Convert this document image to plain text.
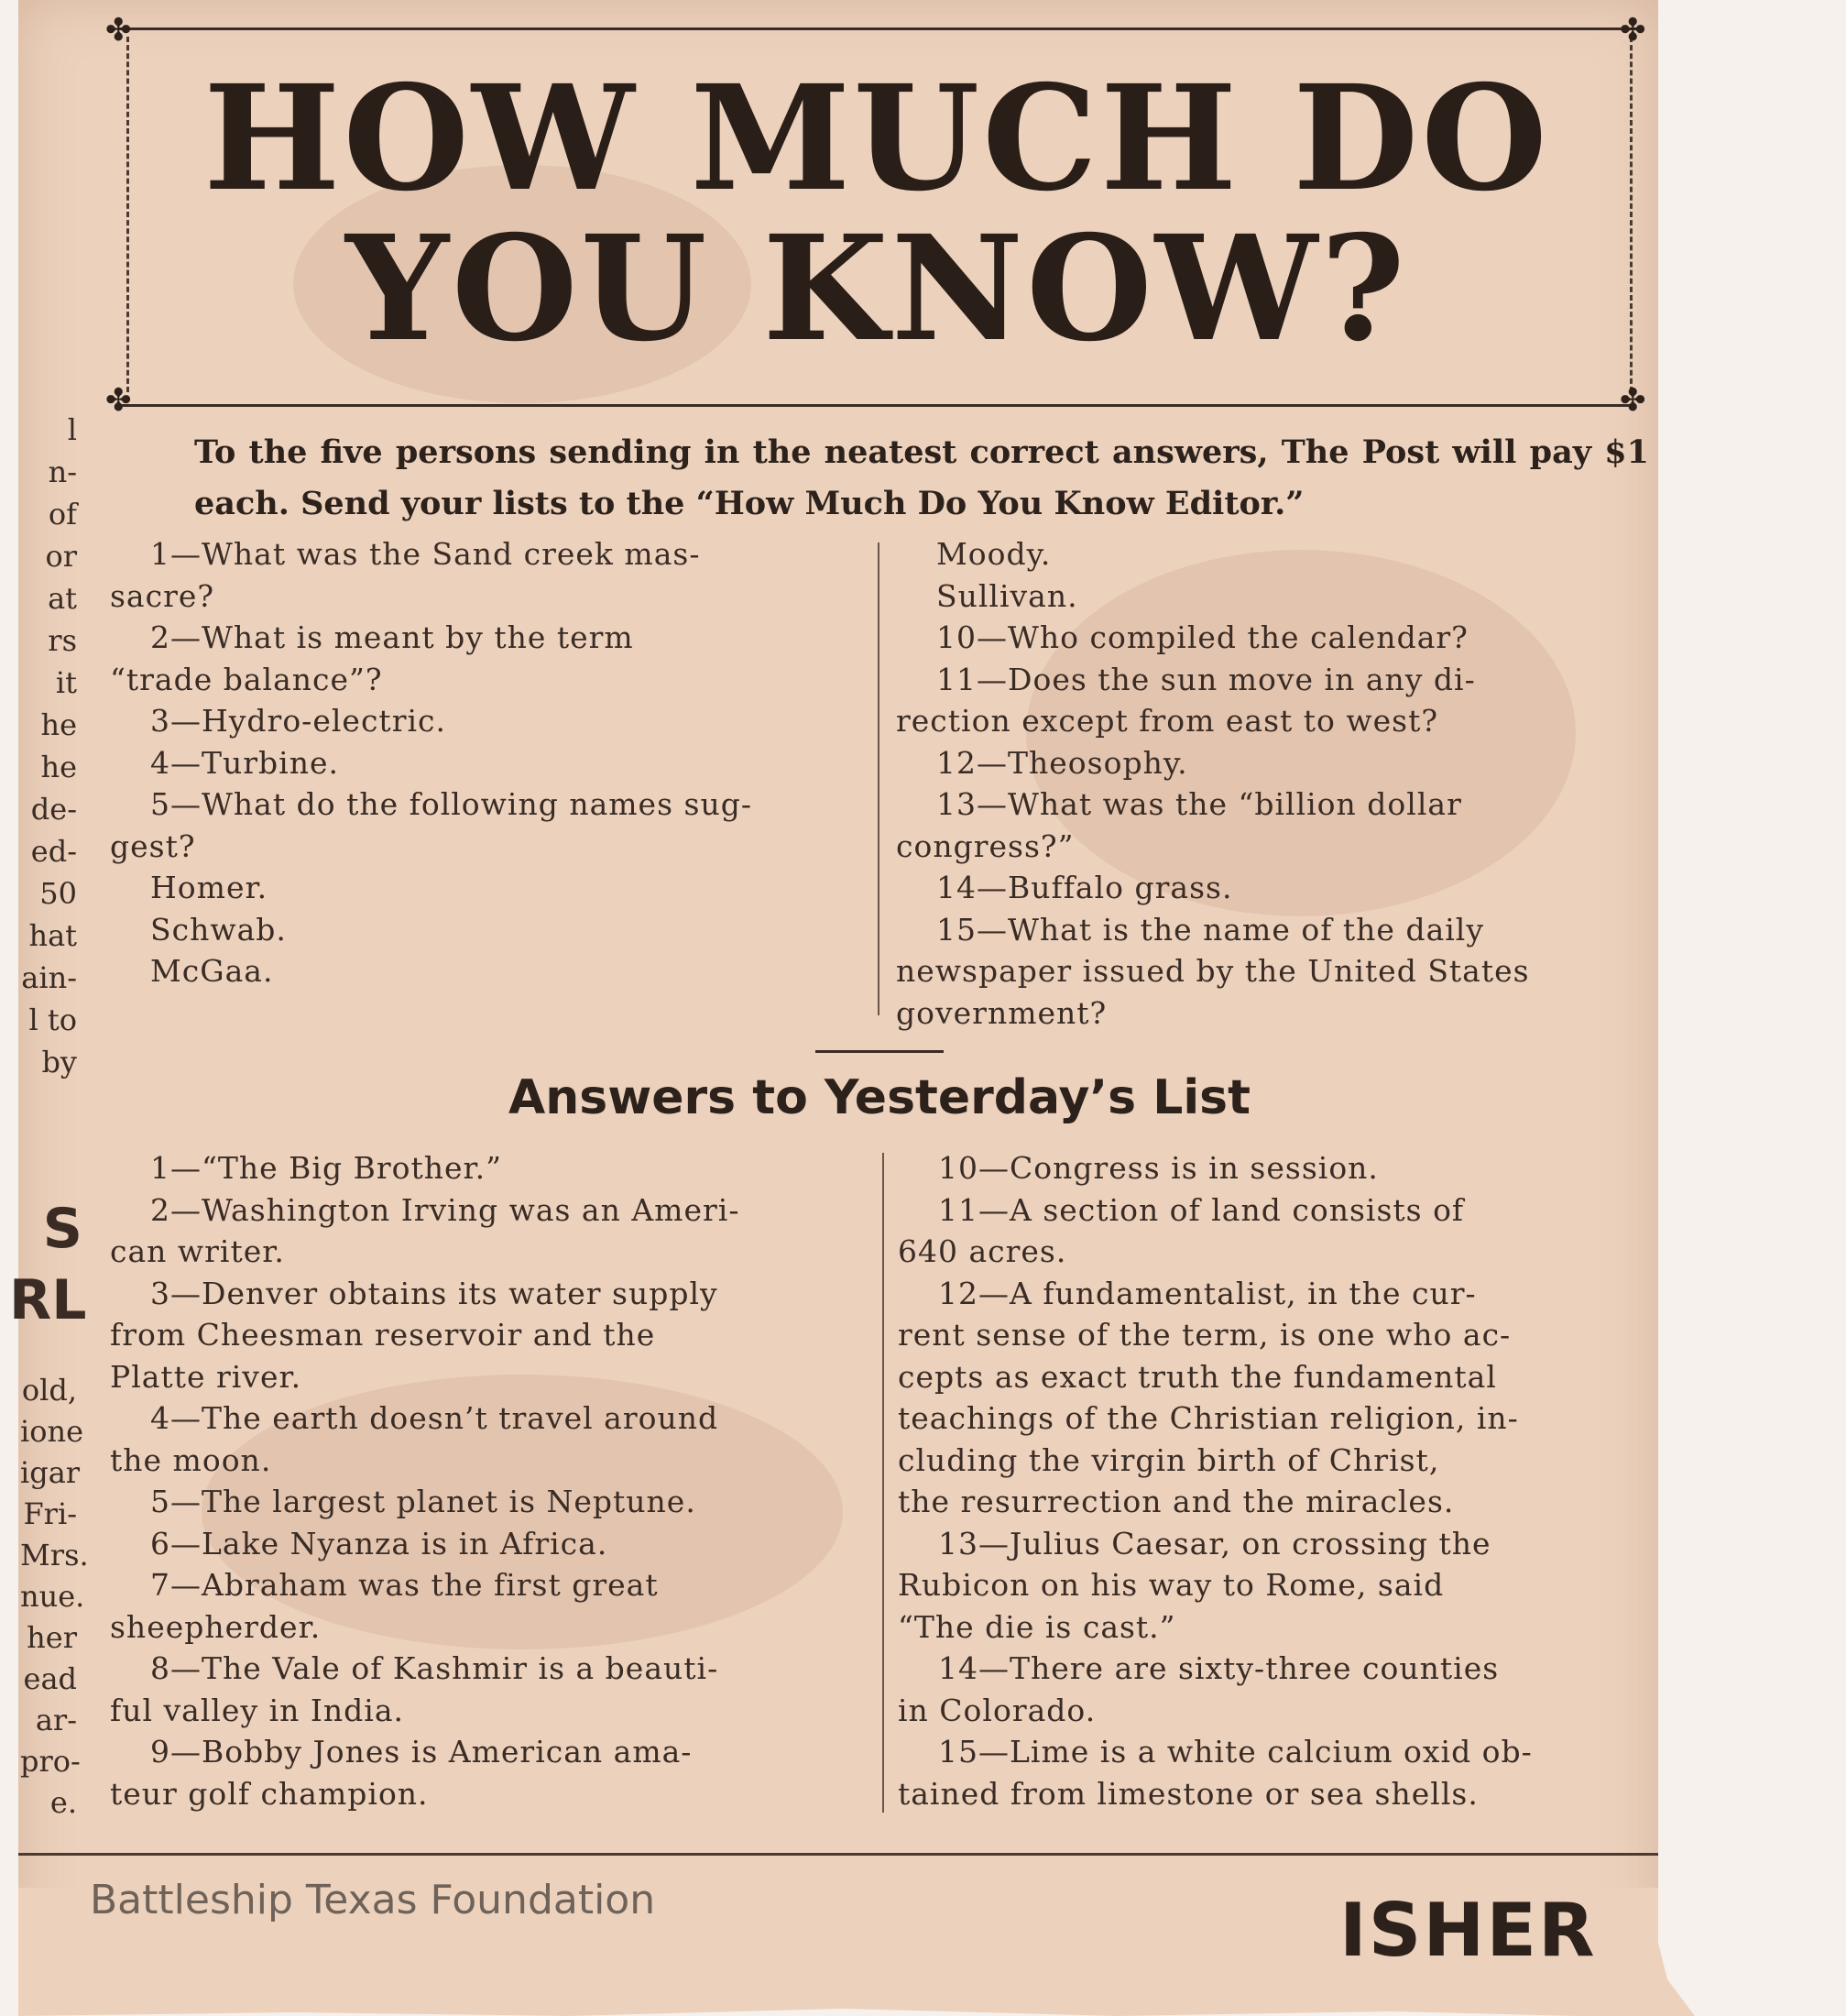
✤	✤
✤	✤
HOW MUCH DO
YOU KNOW?
To the five persons sending in the neatest correct answers, The Post will pay $1 each. Send your lists to the “How Much Do You Know Editor.”

1—What was the Sand creek mas-

sacre?

2—What is meant by the term

“trade balance”?

3—Hydro-electric.

4—Turbine.

5—What do the following names sug-

gest?

Homer.

Schwab.

McGaa.

Moody.

Sullivan.

10—Who compiled the calendar?

11—Does the sun move in any di-

rection except from east to west?

12—Theosophy.

13—What was the “billion dollar

congress?”

14—Buffalo grass.

15—What is the name of the daily

newspaper issued by the United States

government?

Answers to Yesterday’s List

1—“The Big Brother.”

2—Washington Irving was an Ameri-

can writer.

3—Denver obtains its water supply

from Cheesman reservoir and the

Platte river.

4—The earth doesn’t travel around

the moon.

5—The largest planet is Neptune.

6—Lake Nyanza is in Africa.

7—Abraham was the first great

sheepherder.

8—The Vale of Kashmir is a beauti-

ful valley in India.

9—Bobby Jones is American ama-

teur golf champion.

10—Congress is in session.

11—A section of land consists of

640 acres.

12—A fundamentalist, in the cur-

rent sense of the term, is one who ac-

cepts as exact truth the fundamental

teachings of the Christian religion, in-

cluding the virgin birth of Christ,

the resurrection and the miracles.

13—Julius Caesar, on crossing the

Rubicon on his way to Rome, said

“The die is cast.”

14—There are sixty-three counties

in Colorado.

15—Lime is a white calcium oxid ob-

tained from limestone or sea shells.

l
n-
of
or
at
rs
it
he
he
de-
ed-
50
hat
ain-
l to
by
S
RL
old,
ione
igar
Fri-
Mrs.
nue.
her
ead
ar-
pro-
e.
ISHER
Battleship Texas Foundation
